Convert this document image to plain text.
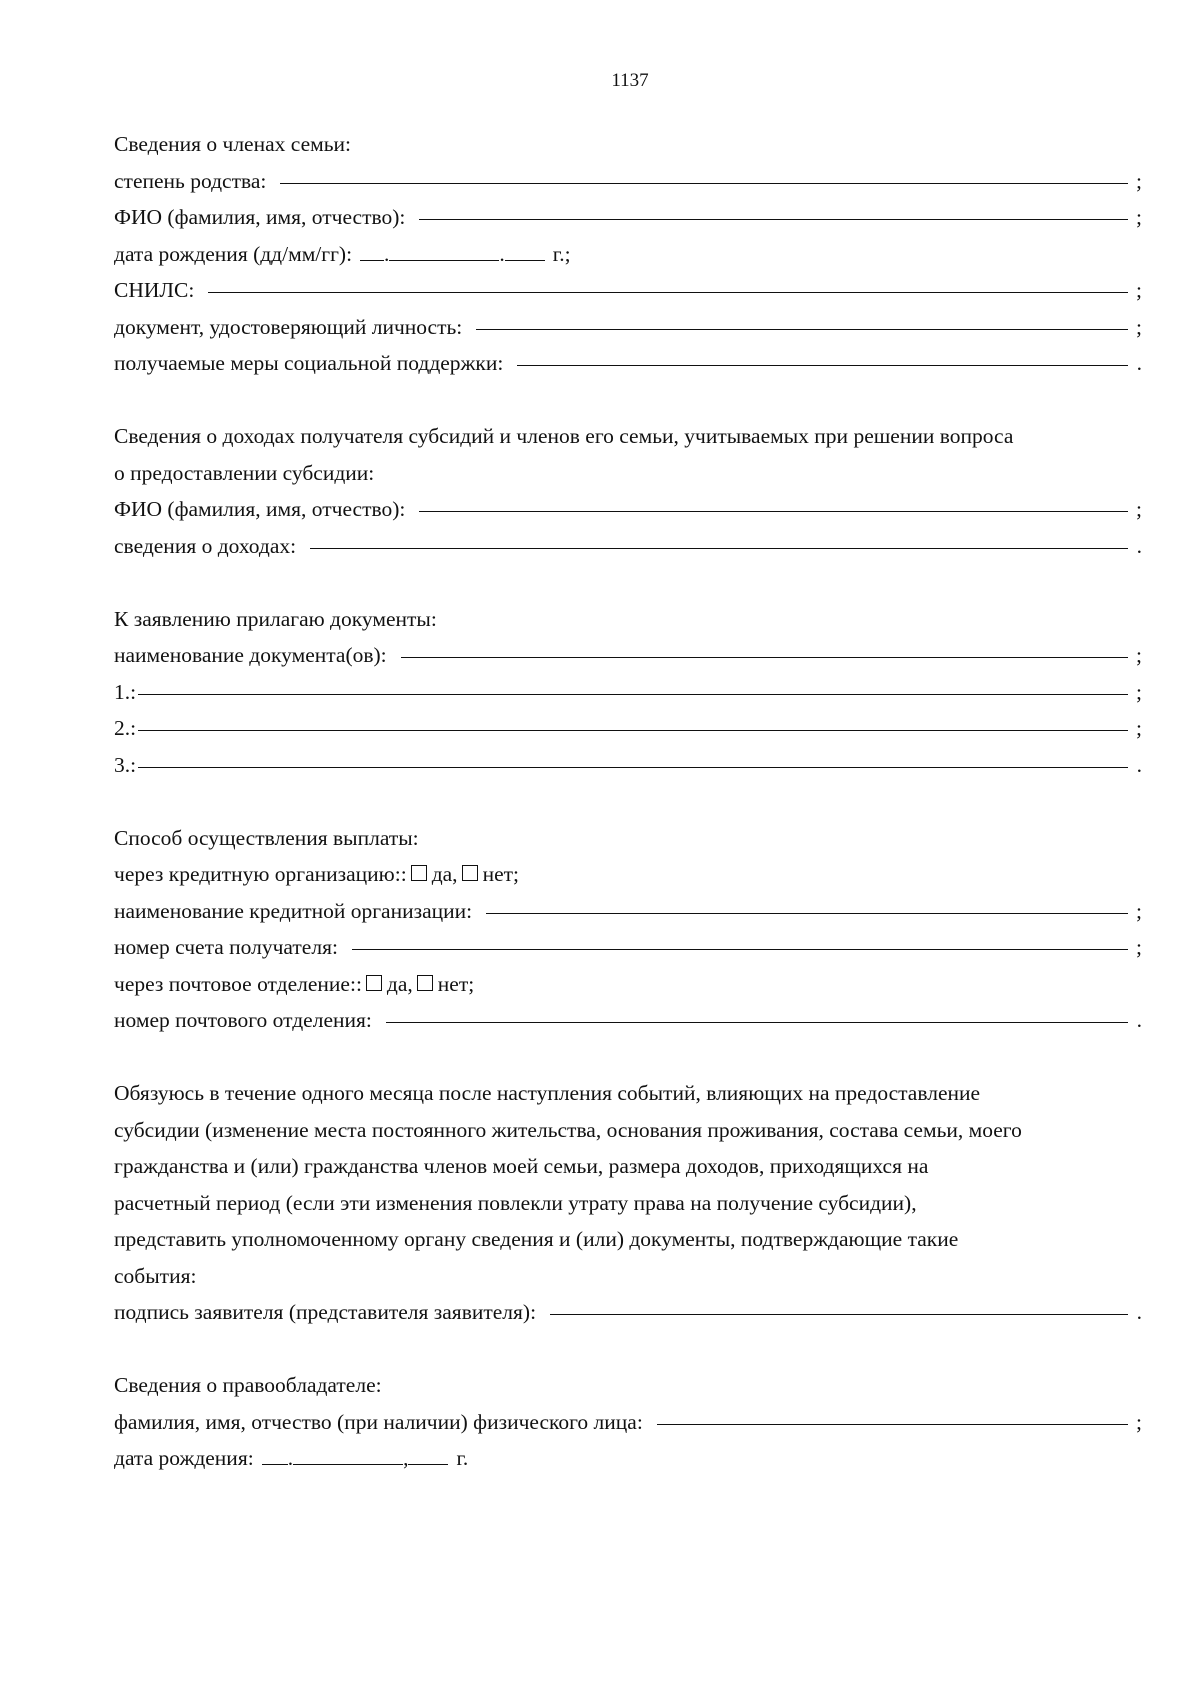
1137
Сведения о членах семьи:
степень родства:	;
ФИО (фамилия, имя, отчество):	;
дата рождения (дд/мм/гг): .	. г.;
СНИЛС:	;
документ, удостоверяющий личность:	;
получаемые меры социальной поддержки:	.
Сведения о доходах получателя субсидий и членов его семьи, учитываемых при решении вопроса
о предоставлении субсидии:
ФИО (фамилия, имя, отчество):	;
сведения о доходах:	.
К заявлению прилагаю документы:
наименование документа(ов):	;
1.:	;
2.:	;
3.:	.
Способ осуществления выплаты:
через кредитную организацию:: да, нет;
наименование кредитной организации:	;
номер счета получателя:	;
через почтовое отделение:: да, нет;
номер почтового отделения:	.
Обязуюсь в течение одного месяца после наступления событий, влияющих на предоставление
субсидии (изменение места постоянного жительства, основания проживания, состава семьи, моего
гражданства и (или) гражданства членов моей семьи, размера доходов, приходящихся на
расчетный период (если эти изменения повлекли утрату права на получение субсидии),
представить уполномоченному органу сведения и (или) документы, подтверждающие такие
события:
подпись заявителя (представителя заявителя):	.
Сведения о правообладателе:
фамилия, имя, отчество (при наличии) физического лица:	;
дата рождения: .	, г.
